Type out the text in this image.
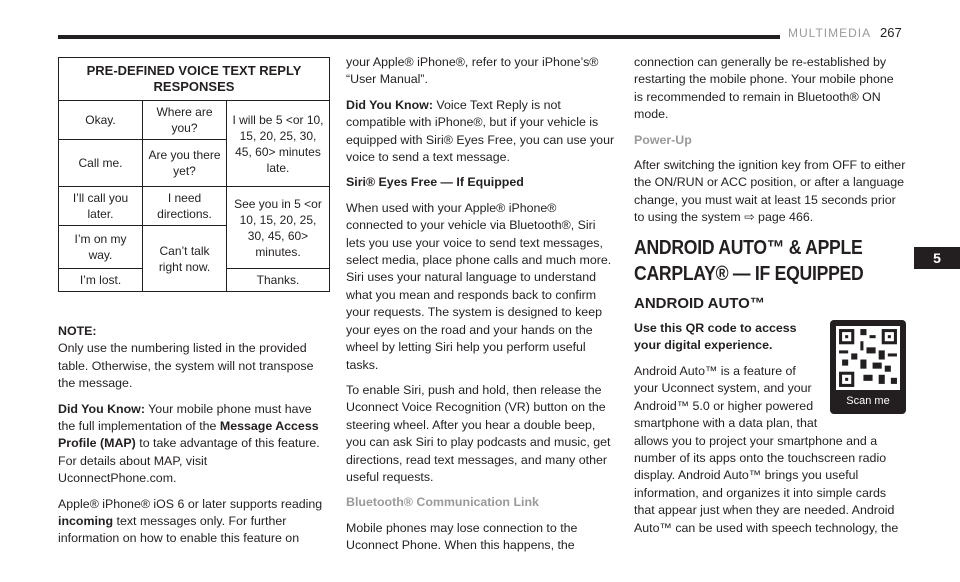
MULTIMEDIA 267
5
PRE-DEFINED VOICE TEXT REPLY RESPONSES		
Okay.	Where are you?	I will be 5 <or 10, 15, 20, 25, 30, 45, 60> minutes late.
Call me.	Are you there yet?	
I’ll call you later.	I need directions.	See you in 5 <or 10, 15, 20, 25, 30, 45, 60> minutes.
I’m on my way.	Can’t talk right now.	
I’m lost.		Thanks.

NOTE:
Only use the numbering listed in the provided table. Otherwise, the system will not transpose the message.

Did You Know: Your mobile phone must have the full implementation of the Message Access Profile (MAP) to take advantage of this feature. For details about MAP, visit UconnectPhone.com.

Apple® iPhone® iOS 6 or later supports reading incoming text messages only. For further information on how to enable this feature on

your Apple® iPhone®, refer to your iPhone’s® “User Manual”.

Did You Know: Voice Text Reply is not compatible with iPhone®, but if your vehicle is equipped with Siri® Eyes Free, you can use your voice to send a text message.

Siri® Eyes Free — If Equipped

When used with your Apple® iPhone® connected to your vehicle via Bluetooth®, Siri lets you use your voice to send text messages, select media, place phone calls and much more. Siri uses your natural language to understand what you mean and responds back to confirm your requests. The system is designed to keep your eyes on the road and your hands on the wheel by letting Siri help you perform useful tasks.

To enable Siri, push and hold, then release the Uconnect Voice Recognition (VR) button on the steering wheel. After you hear a double beep, you can ask Siri to play podcasts and music, get directions, read text messages, and many other useful requests.

Bluetooth® Communication Link

Mobile phones may lose connection to the Uconnect Phone. When this happens, the

connection can generally be re-established by restarting the mobile phone. Your mobile phone is recommended to remain in Bluetooth® ON mode.

Power-Up

After switching the ignition key from OFF to either the ON/RUN or ACC position, or after a language change, you must wait at least 15 seconds prior to using the system ⇨ page 466.

ANDROID AUTO™ & APPLE CARPLAY® — IF EQUIPPED
ANDROID AUTO™
Scan me

Use this QR code to access your digital experience.

Android Auto™ is a feature of your Uconnect system, and your Android™ 5.0 or higher powered smartphone with a data plan, that allows you to project your smartphone and a number of its apps onto the touchscreen radio display. Android Auto™ brings you useful information, and organizes it into simple cards that appear just when they are needed. Android Auto™ can be used with speech technology, the
